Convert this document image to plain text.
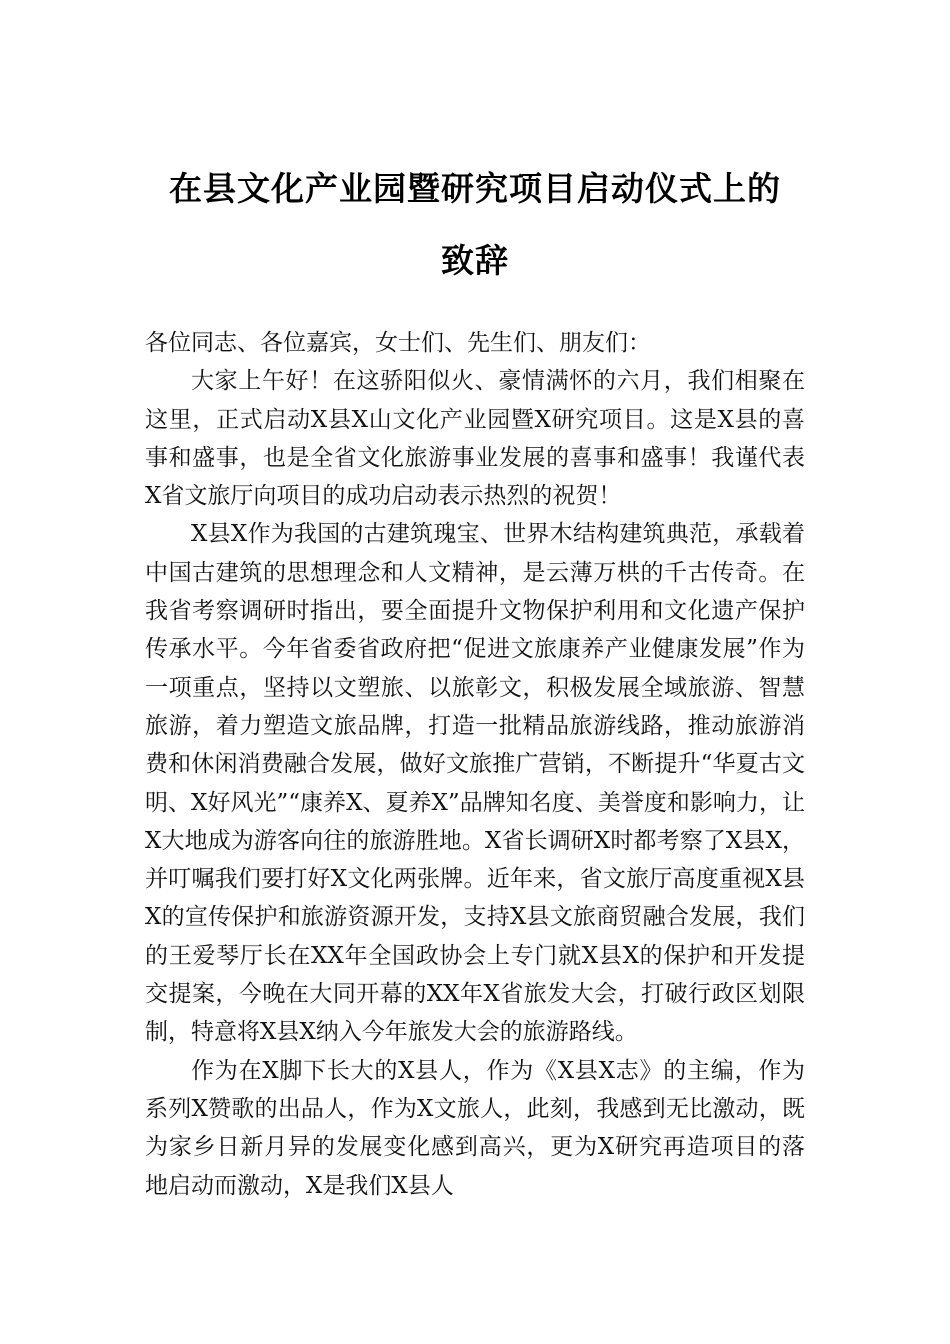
在县文化产业园暨研究项目启动仪式上的
致辞

各位同志、各位嘉宾，女士们、先生们、朋友们：

大家上午好！在这骄阳似火、豪情满怀的六月，我们相聚在这里，正式启动X县X山文化产业园暨X研究项目。这是X县的喜事和盛事，也是全省文化旅游事业发展的喜事和盛事！我谨代表X省文旅厅向项目的成功启动表示热烈的祝贺！

X县X作为我国的古建筑瑰宝、世界木结构建筑典范，承载着中国古建筑的思想理念和人文精神，是云薄万栱的千古传奇。在我省考察调研时指出，要全面提升文物保护利用和文化遗产保护传承水平。今年省委省政府把“促进文旅康养产业健康发展”作为一项重点，坚持以文塑旅、以旅彰文，积极发展全域旅游、智慧旅游，着力塑造文旅品牌，打造一批精品旅游线路，推动旅游消费和休闲消费融合发展，做好文旅推广营销，不断提升“华夏古文明、X好风光”“康养X、夏养X”品牌知名度、美誉度和影响力，让X大地成为游客向往的旅游胜地。X省长调研X时都考察了X县X，并叮嘱我们要打好X文化两张牌。近年来，省文旅厅高度重视X县X的宣传保护和旅游资源开发，支持X县文旅商贸融合发展，我们的王爱琴厅长在XX年全国政协会上专门就X县X的保护和开发提交提案，今晚在大同开幕的XX年X省旅发大会，打破行政区划限制，特意将X县X纳入今年旅发大会的旅游路线。

作为在X脚下长大的X县人，作为《X县X志》的主编，作为系列X赞歌的出品人，作为X文旅人，此刻，我感到无比激动，既为家乡日新月异的发展变化感到高兴，更为X研究再造项目的落地启动而激动，X是我们X县人
